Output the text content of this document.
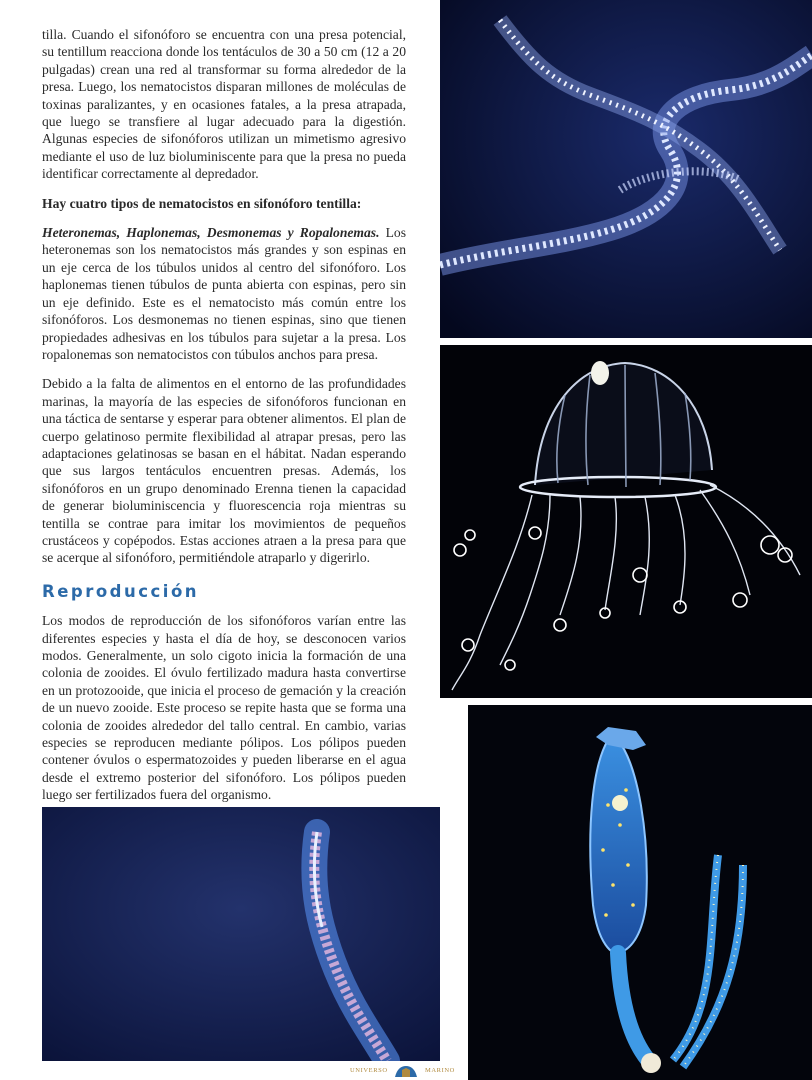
tilla. Cuando el sifonóforo se encuentra con una presa potencial, su tentillum reacciona donde los tentáculos de 30 a 50 cm (12 a 20 pulgadas) crean una red al transformar su forma alrededor de la presa. Luego, los nematocistos disparan millones de moléculas de toxinas paralizantes, y en ocasiones fatales, a la presa atrapada, que luego se transfiere al lugar adecuado para la digestión. Algunas especies de sifonóforos utilizan un mimetismo agresivo mediante el uso de luz bioluminiscente para que la presa no pueda identificar correctamente al depredador.

Hay cuatro tipos de nematocistos en sifonóforo tentilla:

Heteronemas, Haplonemas, Desmonemas y Ropalonemas. Los heteronemas son los nematocistos más grandes y son espinas en un eje cerca de los túbulos unidos al centro del sifonóforo. Los haplonemas tienen túbulos de punta abierta con espinas, pero sin un eje definido. Este es el nematocisto más común entre los sifonóforos. Los desmonemas no tienen espinas, sino que tienen propiedades adhesivas en los túbulos para sujetar a la presa. Los ropalonemas son nematocistos con túbulos anchos para presa.

Debido a la falta de alimentos en el entorno de las profundidades marinas, la mayoría de las especies de sifonóforos funcionan en una táctica de sentarse y esperar para obtener alimentos. El plan de cuerpo gelatinoso permite flexibilidad al atrapar presas, pero las adaptaciones gelatinosas se basan en el hábitat. Nadan esperando que sus largos tentáculos encuentren presas. Además, los sifonóforos en un grupo denominado Erenna tienen la capacidad de generar bioluminiscencia y fluorescencia roja mientras su tentilla se contrae para imitar los movimientos de pequeños crustáceos y copépodos. Estas acciones atraen a la presa para que se acerque al sifonóforo, permitiéndole atraparlo y digerirlo.

Reproducción

Los modos de reproducción de los sifonóforos varían entre las diferentes especies y hasta el día de hoy, se desconocen varios modos. Generalmente, un solo cigoto inicia la formación de una colonia de zooides. El óvulo fertilizado madura hasta convertirse en un protozooide, que inicia el proceso de gemación y la creación de un nuevo zooide. Este proceso se repite hasta que se forma una colonia de zooides alrededor del tallo central. En cambio, varias especies se reproducen mediante pólipos. Los pólipos pueden contener óvulos o espermatozoides y pueden liberarse en el agua desde el extremo posterior del sifonóforo. Los pólipos pueden luego ser fertilizados fuera del organismo.

UNIVERSO	MARINO
